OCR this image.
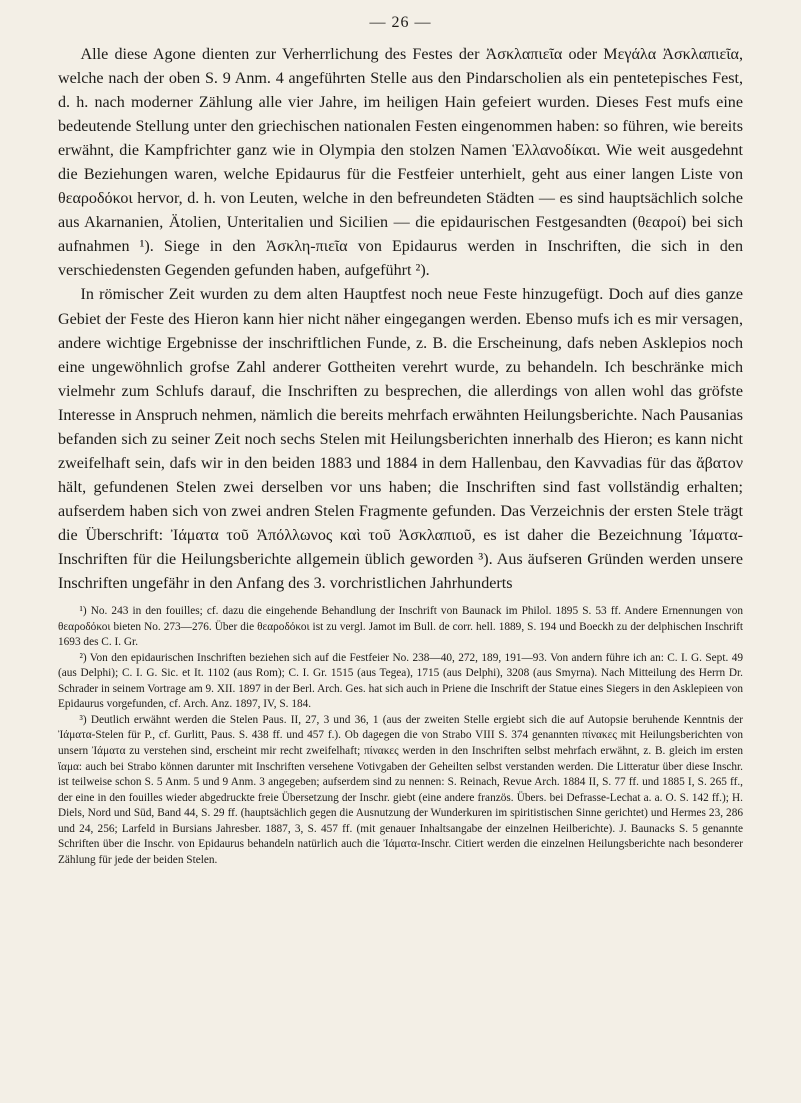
— 26 —

Alle diese Agone dienten zur Verherrlichung des Festes der Ἀσκλαπιεῖα oder Μεγάλα Ἀσκλαπιεῖα, welche nach der oben S. 9 Anm. 4 angeführten Stelle aus den Pindarscholien als ein pentetерisches Fest, d. h. nach moderner Zählung alle vier Jahre, im heiligen Hain gefeiert wurden. Dieses Fest mufs eine bedeutende Stellung unter den griechischen nationalen Festen eingenommen haben: so führen, wie bereits erwähnt, die Kampfrichter ganz wie in Olympia den stolzen Namen Ἑλλανοδίκαι. Wie weit ausgedehnt die Beziehungen waren, welche Epidaurus für die Festfeier unterhielt, geht aus einer langen Liste von θεαροδόκοι hervor, d. h. von Leuten, welche in den befreundeten Städten — es sind hauptsächlich solche aus Akarnanien, Ätolien, Unteritalien und Sicilien — die epidaurischen Festgesandten (θεαροί) bei sich aufnahmen ¹). Siege in den Ἀσκλη-πιεῖα von Epidaurus werden in Inschriften, die sich in den verschiedensten Gegenden gefunden haben, aufgeführt ²).

In römischer Zeit wurden zu dem alten Hauptfest noch neue Feste hinzugefügt. Doch auf dies ganze Gebiet der Feste des Hieron kann hier nicht näher eingegangen werden. Ebenso mufs ich es mir versagen, andere wichtige Ergebnisse der inschriftlichen Funde, z. B. die Erscheinung, dafs neben Asklepios noch eine ungewöhnlich grofse Zahl anderer Gottheiten verehrt wurde, zu behandeln. Ich beschränke mich vielmehr zum Schlufs darauf, die Inschriften zu besprechen, die allerdings von allen wohl das gröfste Interesse in Anspruch nehmen, nämlich die bereits mehrfach erwähnten Heilungsberichte. Nach Pausanias befanden sich zu seiner Zeit noch sechs Stelen mit Heilungsberichten innerhalb des Hieron; es kann nicht zweifelhaft sein, dafs wir in den beiden 1883 und 1884 in dem Hallenbau, den Kavvadias für das ἄβατον hält, gefundenen Stelen zwei derselben vor uns haben; die Inschriften sind fast vollständig erhalten; aufserdem haben sich von zwei andren Stelen Fragmente gefunden. Das Verzeichnis der ersten Stele trägt die Überschrift: Ἰάματα τοῦ Ἀπόλλωνος καὶ τοῦ Ἀσκλαπιοῦ, es ist daher die Bezeichnung Ἰάματα-Inschriften für die Heilungsberichte allgemein üblich geworden ³). Aus äufseren Gründen werden unsere Inschriften ungefähr in den Anfang des 3. vorchristlichen Jahrhunderts

¹) No. 243 in den fouilles; cf. dazu die eingehende Behandlung der Inschrift von Baunack im Philol. 1895 S. 53 ff. Andere Ernennungen von θεαροδόκοι bieten No. 273—276. Über die θεαροδόκοι ist zu vergl. Jamot im Bull. de corr. hell. 1889, S. 194 und Boeckh zu der delphischen Inschrift 1693 des C. I. Gr.

²) Von den epidaurischen Inschriften beziehen sich auf die Festfeier No. 238—40, 272, 189, 191—93. Von andern führe ich an: C. I. G. Sept. 49 (aus Delphi); C. I. G. Sic. et It. 1102 (aus Rom); C. I. Gr. 1515 (aus Tegea), 1715 (aus Delphi), 3208 (aus Smyrna). Nach Mitteilung des Herrn Dr. Schrader in seinem Vortrage am 9. XII. 1897 in der Berl. Arch. Ges. hat sich auch in Priene die Inschrift der Statue eines Siegers in den Asklepieen von Epidaurus vorgefunden, cf. Arch. Anz. 1897, IV, S. 184.

³) Deutlich erwähnt werden die Stelen Paus. II, 27, 3 und 36, 1 (aus der zweiten Stelle ergiebt sich die auf Autopsie beruhende Kenntnis der Ἰάματα-Stelen für P., cf. Gurlitt, Paus. S. 438 ff. und 457 f.). Ob dagegen die von Strabo VIII S. 374 genannten πίνακες mit Heilungsberichten von unsern Ἰάματα zu verstehen sind, erscheint mir recht zweifelhaft; πίνακες werden in den Inschriften selbst mehrfach erwähnt, z. B. gleich im ersten ἴαμα: auch bei Strabo können darunter mit Inschriften versehene Votivgaben der Geheilten selbst verstanden werden. Die Litteratur über diese Inschr. ist teilweise schon S. 5 Anm. 5 und 9 Anm. 3 angegeben; aufserdem sind zu nennen: S. Reinach, Revue Arch. 1884 II, S. 77 ff. und 1885 I, S. 265 ff., der eine in den fouilles wieder abgedruckte freie Übersetzung der Inschr. giebt (eine andere französ. Übers. bei Defrasse-Lechat a. a. O. S. 142 ff.); H. Diels, Nord und Süd, Band 44, S. 29 ff. (hauptsächlich gegen die Ausnutzung der Wunderkuren im spiritistischen Sinne gerichtet) und Hermes 23, 286 und 24, 256; Larfeld in Bursians Jahresber. 1887, 3, S. 457 ff. (mit genauer Inhaltsangabe der einzelnen Heilberichte). J. Baunacks S. 5 genannte Schriften über die Inschr. von Epidaurus behandeln natürlich auch die Ἰάματα-Inschr. Citiert werden die einzelnen Heilungsberichte nach besonderer Zählung für jede der beiden Stelen.
